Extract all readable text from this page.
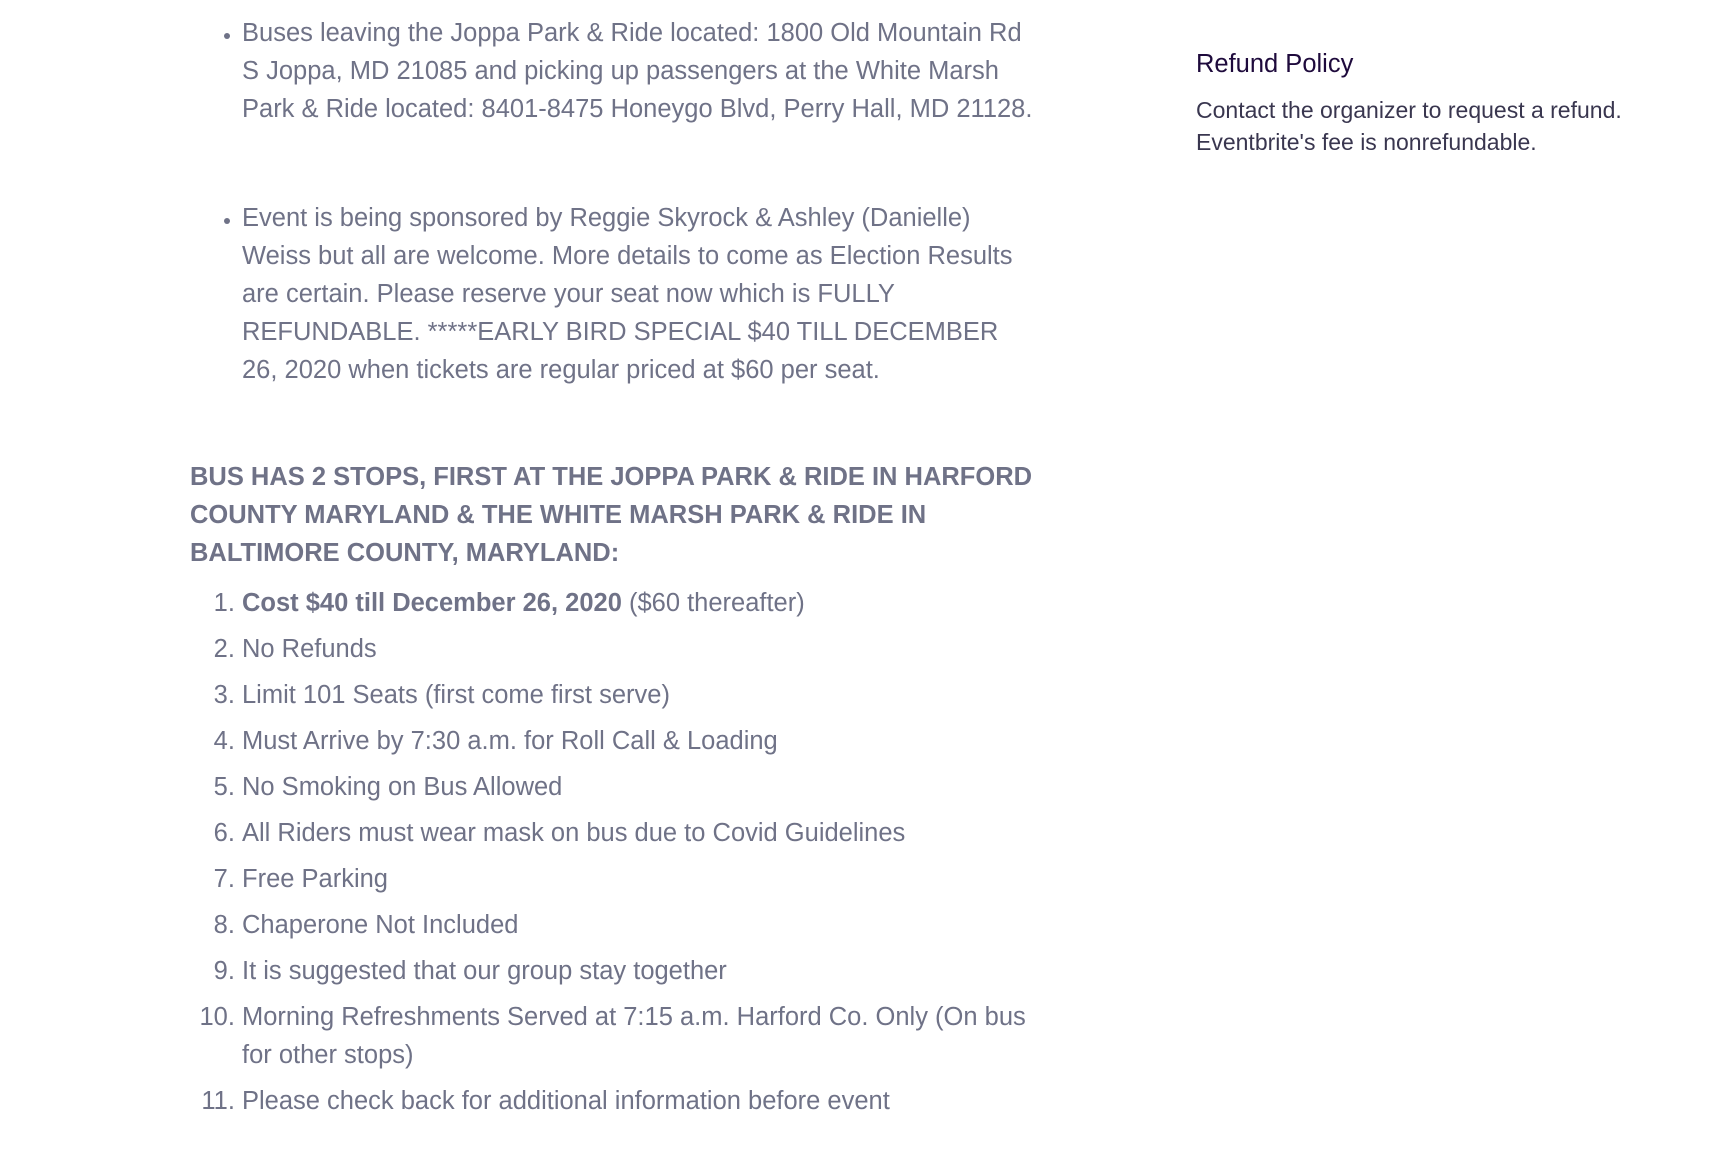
• Buses leaving the Joppa Park & Ride located: 1800 Old Mountain Rd S Joppa, MD 21085 and picking up passengers at the White Marsh Park & Ride located: 8401-8475 Honeygo Blvd, Perry Hall, MD 21128.
• Event is being sponsored by Reggie Skyrock & Ashley (Danielle) Weiss but all are welcome. More details to come as Election Results are certain. Please reserve your seat now which is FULLY REFUNDABLE. *****EARLY BIRD SPECIAL $40 TILL DECEMBER 26, 2020 when tickets are regular priced at $60 per seat.

BUS HAS 2 STOPS, FIRST AT THE JOPPA PARK & RIDE IN HARFORD COUNTY MARYLAND & THE WHITE MARSH PARK & RIDE IN BALTIMORE COUNTY, MARYLAND:

1. Cost $40 till December 26, 2020 ($60 thereafter)
2. No Refunds
3. Limit 101 Seats (first come first serve)
4. Must Arrive by 7:30 a.m. for Roll Call & Loading
5. No Smoking on Bus Allowed
6. All Riders must wear mask on bus due to Covid Guidelines
7. Free Parking
8. Chaperone Not Included
9. It is suggested that our group stay together
10. Morning Refreshments Served at 7:15 a.m. Harford Co. Only (On bus for other stops)
11. Please check back for additional information before event
Refund Policy

Contact the organizer to request a refund. Eventbrite's fee is nonrefundable.
